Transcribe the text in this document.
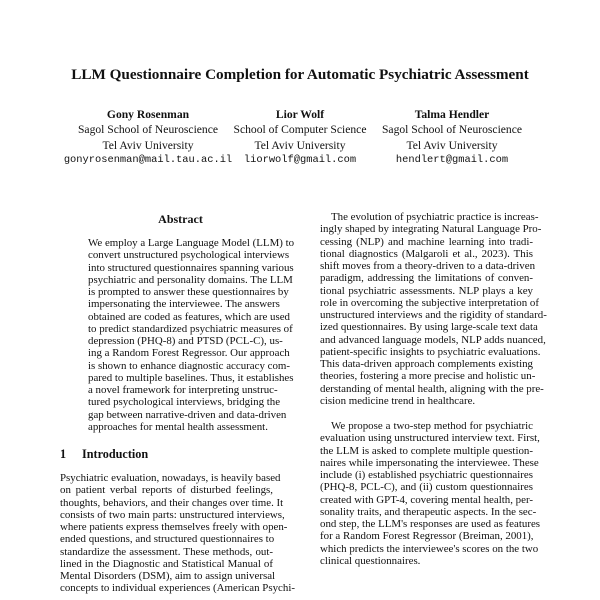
LLM Questionnaire Completion for Automatic Psychiatric Assessment
Gony Rosenman
Sagol School of Neuroscience
Tel Aviv University
gonyrosenman@mail.tau.ac.il
Lior Wolf
School of Computer Science
Tel Aviv University
liorwolf@gmail.com
Talma Hendler
Sagol School of Neuroscience
Tel Aviv University
hendlert@gmail.com
Abstract
We employ a Large Language Model (LLM) to
convert unstructured psychological interviews
into structured questionnaires spanning various
psychiatric and personality domains. The LLM
is prompted to answer these questionnaires by
impersonating the interviewee. The answers
obtained are coded as features, which are used
to predict standardized psychiatric measures of
depression (PHQ-8) and PTSD (PCL-C), us-
ing a Random Forest Regressor. Our approach
is shown to enhance diagnostic accuracy com-
pared to multiple baselines. Thus, it establishes
a novel framework for interpreting unstruc-
tured psychological interviews, bridging the
gap between narrative-driven and data-driven
approaches for mental health assessment.
1 Introduction
Psychiatric evaluation, nowadays, is heavily based
on patient verbal reports of disturbed feelings,
thoughts, behaviors, and their changes over time. It
consists of two main parts: unstructured interviews,
where patients express themselves freely with open-
ended questions, and structured questionnaires to
standardize the assessment. These methods, out-
lined in the Diagnostic and Statistical Manual of
Mental Disorders (DSM), aim to assign universal
concepts to individual experiences (American Psychi-
The evolution of psychiatric practice is increas-
ingly shaped by integrating Natural Language Pro-
cessing (NLP) and machine learning into tradi-
tional diagnostics (Malgaroli et al., 2023). This
shift moves from a theory-driven to a data-driven
paradigm, addressing the limitations of conven-
tional psychiatric assessments. NLP plays a key
role in overcoming the subjective interpretation of
unstructured interviews and the rigidity of standard-
ized questionnaires. By using large-scale text data
and advanced language models, NLP adds nuanced,
patient-specific insights to psychiatric evaluations.
This data-driven approach complements existing
theories, fostering a more precise and holistic un-
derstanding of mental health, aligning with the pre-
cision medicine trend in healthcare.
We propose a two-step method for psychiatric
evaluation using unstructured interview text. First,
the LLM is asked to complete multiple question-
naires while impersonating the interviewee. These
include (i) established psychiatric questionnaires
(PHQ-8, PCL-C), and (ii) custom questionnaires
created with GPT-4, covering mental health, per-
sonality traits, and therapeutic aspects. In the sec-
ond step, the LLM's responses are used as features
for a Random Forest Regressor (Breiman, 2001),
which predicts the interviewee's scores on the two
clinical questionnaires.
